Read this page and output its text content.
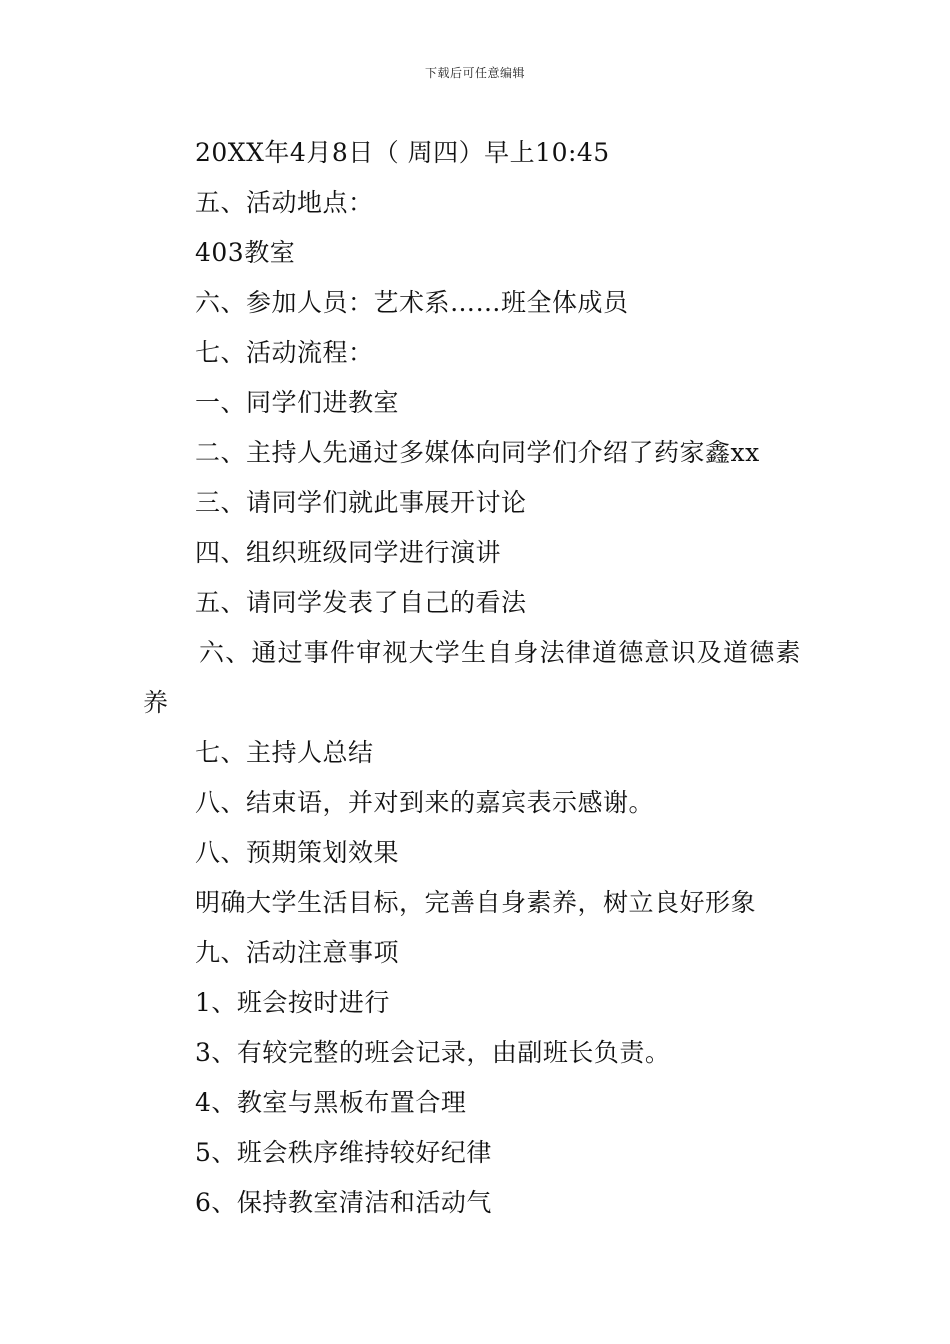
下载后可任意编辑
20XX年4月8日（ 周四）早上10:45
五、活动地点：
403教室
六、参加人员：艺术系……班全体成员
七、活动流程：
一、同学们进教室
二、主持人先通过多媒体向同学们介绍了药家鑫xx
三、请同学们就此事展开讨论
四、组织班级同学进行演讲
五、请同学发表了自己的看法
六、通过事件审视大学生自身法律道德意识及道德素
养
七、主持人总结
八、结束语，并对到来的嘉宾表示感谢。
八、预期策划效果
明确大学生活目标，完善自身素养，树立良好形象
九、活动注意事项
1、班会按时进行
3、有较完整的班会记录，由副班长负责。
4、教室与黑板布置合理
5、班会秩序维持较好纪律
6、保持教室清洁和活动气
